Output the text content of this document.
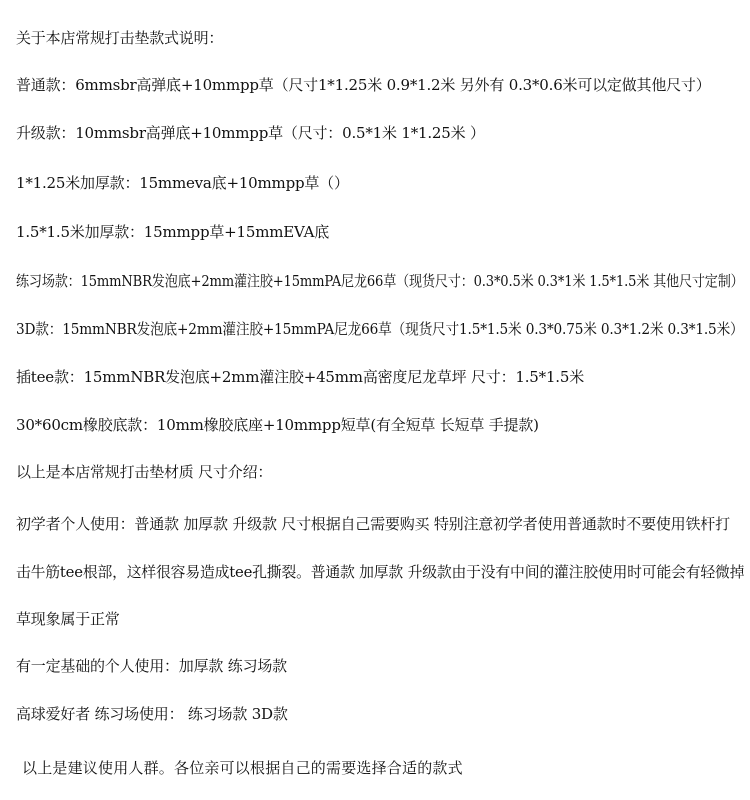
关于本店常规打击垫款式说明：
普通款：6mmsbr高弹底+10mmpp草（尺寸1*1.25米 0.9*1.2米 另外有 0.3*0.6米可以定做其他尺寸）
升级款：10mmsbr高弹底+10mmpp草（尺寸：0.5*1米 1*1.25米 ）
1*1.25米加厚款：15mmeva底+10mmpp草（）
1.5*1.5米加厚款：15mmpp草+15mmEVA底
练习场款：15mmNBR发泡底+2mm灌注胶+15mmPA尼龙66草（现货尺寸：0.3*0.5米 0.3*1米 1.5*1.5米 其他尺寸定制）
3D款：15mmNBR发泡底+2mm灌注胶+15mmPA尼龙66草（现货尺寸1.5*1.5米 0.3*0.75米 0.3*1.2米 0.3*1.5米）
插tee款：15mmNBR发泡底+2mm灌注胶+45mm高密度尼龙草坪 尺寸：1.5*1.5米
30*60cm橡胶底款：10mm橡胶底座+10mmpp短草(有全短草 长短草 手提款)
以上是本店常规打击垫材质 尺寸介绍：
初学者个人使用：普通款 加厚款 升级款 尺寸根据自己需要购买 特别注意初学者使用普通款时不要使用铁杆打
击牛筋tee根部，这样很容易造成tee孔撕裂。普通款 加厚款 升级款由于没有中间的灌注胶使用时可能会有轻微掉
草现象属于正常
有一定基础的个人使用：加厚款 练习场款
高球爱好者 练习场使用： 练习场款 3D款
以上是建议使用人群。各位亲可以根据自己的需要选择合适的款式
